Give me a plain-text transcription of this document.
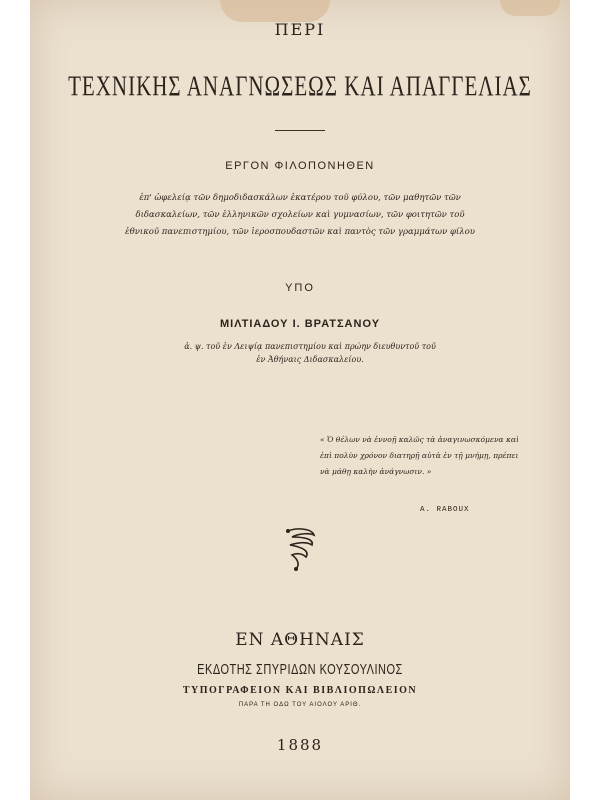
ΠΕΡΙ
ΤΕΧΝΙΚΗΣ ΑΝΑΓΝΩΣΕΩΣ ΚΑΙ ΑΠΑΓΓΕΛΙΑΣ
ΕΡΓΟΝ ΦΙΛΟΠΟΝΗΘΕΝ
ἐπ' ὠφελείᾳ τῶν δημοδιδασκάλων ἑκατέρου τοῦ φύλου, τῶν μαθητῶν τῶν διδασκαλείων, τῶν ἑλληνικῶν σχολείων καὶ γυμνασίων, τῶν φοιτητῶν τοῦ ἐθνικοῦ πανεπιστημίου, τῶν ἱεροσπουδαστῶν καὶ παντὸς τῶν γραμμάτων φίλου
ΥΠΟ
ΜΙΛΤΙΑΔΟΥ Ι. ΒΡΑΤΣΑΝΟΥ
ἀ. ψ. τοῦ ἐν Λειψίᾳ πανεπιστημίου καὶ πρώην διευθυντοῦ τοῦ ἐν Ἀθήναις Διδασκαλείου.
« Ὁ θέλων νὰ ἐννοῇ καλῶς τὰ ἀναγινωσκόμενα καὶ ἐπὶ πολὺν χρόνον διατηρῇ αὐτὰ ἐν τῇ μνήμῃ, πρέπει νὰ μάθῃ καλὴν ἀνάγνωσιν. »
A. RABOUX
ΕΝ ΑΘΗΝΑΙΣ
ΕΚΔΟΤΗΣ ΣΠΥΡΙΔΩΝ ΚΟΥΣΟΥΛΙΝΟΣ
ΤΥΠΟΓΡΑΦΕΙΟΝ ΚΑΙ ΒΙΒΛΙΟΠΩΛΕΙΟΝ
ΠΑΡΑ ΤΗ ΟΔΩ ΤΟΥ ΑΙΟΛΟΥ ΑΡΙΘ.
1888
